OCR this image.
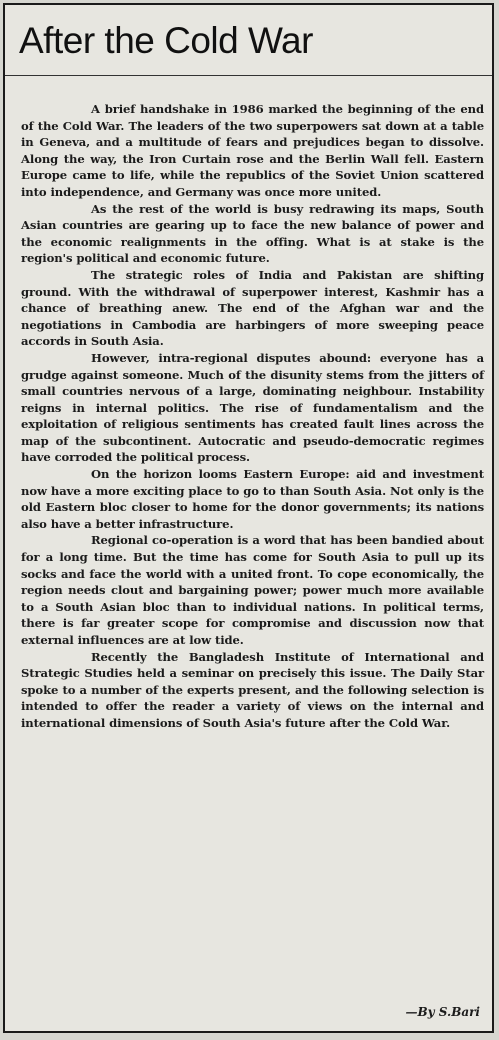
After the Cold War

A brief handshake in 1986 marked the beginning of the end of the Cold War. The leaders of the two superpowers sat down at a table in Geneva, and a multitude of fears and prejudices began to dissolve. Along the way, the Iron Curtain rose and the Berlin Wall fell. Eastern Europe came to life, while the republics of the Soviet Union scattered into independence, and Germany was once more united.

As the rest of the world is busy redrawing its maps, South Asian countries are gearing up to face the new balance of power and the economic realignments in the offing. What is at stake is the region's political and economic future.

The strategic roles of India and Pakistan are shifting ground. With the withdrawal of superpower interest, Kashmir has a chance of breathing anew. The end of the Afghan war and the negotiations in Cambodia are harbingers of more sweeping peace accords in South Asia.

However, intra-regional disputes abound: everyone has a grudge against someone. Much of the disunity stems from the jitters of small countries nervous of a large, dominating neighbour. Instability reigns in internal politics. The rise of fundamentalism and the exploitation of religious sentiments has created fault lines across the map of the subcontinent. Autocratic and pseudo-democratic regimes have corroded the political process.

On the horizon looms Eastern Europe: aid and investment now have a more exciting place to go to than South Asia. Not only is the old Eastern bloc closer to home for the donor governments; its nations also have a better infrastructure.

Regional co-operation is a word that has been bandied about for a long time. But the time has come for South Asia to pull up its socks and face the world with a united front. To cope economically, the region needs clout and bargaining power; power much more available to a South Asian bloc than to individual nations. In political terms, there is far greater scope for compromise and discussion now that external influences are at low tide.

Recently the Bangladesh Institute of International and Strategic Studies held a seminar on precisely this issue. The Daily Star spoke to a number of the experts present, and the following selection is intended to offer the reader a variety of views on the internal and international dimensions of South Asia's future after the Cold War.

—By S.Bari
